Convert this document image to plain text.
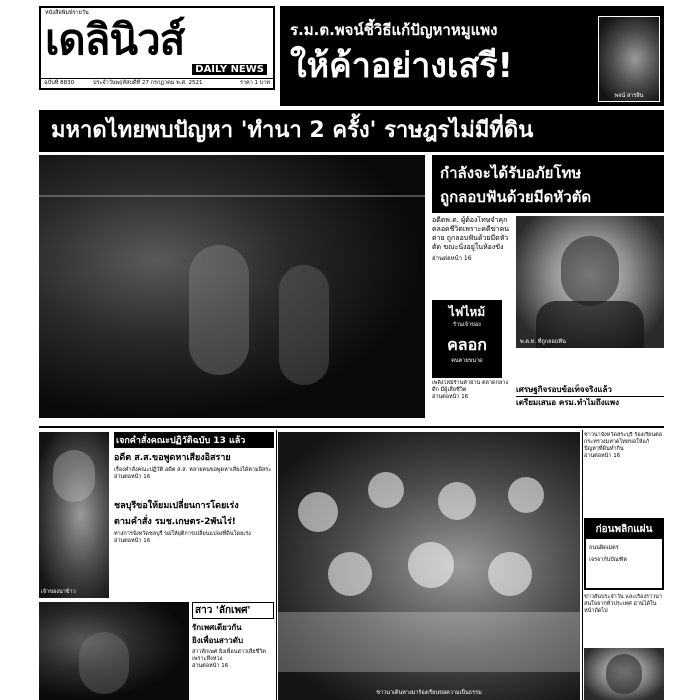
หนังสือพิมพ์รายวัน
เดลินิวส์
DAILY NEWS
ฉบับที่ 8830	ประจำวันพฤหัสบดีที่ 27 กรกฎาคม พ.ศ. 2521	ราคา 1 บาท
ร.ม.ต.พจน์ชี้วิธีแก้ปัญหาหมูแพง
ให้ค้าอย่างเสรี!
พจน์ สารสิน
มหาดไทยพบปัญหา 'ทำนา 2 ครั้ง' ราษฎรไม่มีที่ดิน
กำลังจะได้รับอภัยโทษ
ถูกลอบฟันด้วยมีดหัวตัด
อดีตพ.ต. ผู้ต้องโทษจำคุกตลอดชีวิตเพราะคดีฆ่าคนตาย ถูกลอบฟันด้วยมีดหัวตัด ขณะนั่งอยู่ในห้องขัง
อ่านต่อหน้า 16
พ.ต.ท. ที่ถูกลอบฟัน
ไฟไหม้
ร้านเจ้าของ
คลอก
คนตายขนาด
เพลิงไหม้ร้านค้าย่าน ตลาดกลางดึก มีผู้เสียชีวิต
อ่านต่อหน้า 16
เศรษฐกิจรอบข้อเท็จจริงแล้ว
เตรียมเสนอ ครม.ทำไมถึงแพง
เจ้าของนาข้าว
เจกคำสั่งคณะปฏิวัติฉบับ 13 แล้ว
อดีต ส.ส.ขอพูดหาเสียงอิสราย
เรื่องคำสั่งคณะปฏิวัติ อดีต ส.ส. หลายคนขอพูดหาเสียงได้ตามอิสระ
อ่านต่อหน้า 16
ชลบุรีขอให้ยมเปลี่ยนการโดยเร่ง
ตามคำสั่ง รมช.เกษตร-2พันไร่!
ทางการจังหวัดชลบุรี ขอให้ยุติการเปลี่ยนแปลงที่ดินโดยเร่ง
อ่านต่อหน้า 16
สาว 'ลักเพศ'
รักเพศเดียวกัน
ยิงเพื่อนสาวดับ
สาวลักเพศ ยิงเพื่อนสาวเสียชีวิต เพราะหึงหวง
อ่านต่อหน้า 16
ชาวนาเดินทางมาร้องเรียนขอความเป็นธรรม
ชาวนาจังหวัดสระบุรี ร้องเรียนต่อกระทรวงมหาดไทยขอให้แก้ปัญหาที่ดินทำกิน
อ่านต่อหน้า 16
ก่อนพลิกแผ่น
ถนนผิดเมตร
เจรจากับบัณฑิต
ข่าวสั้นประจำวัน และเรื่องราวน่าสนใจจากทั่วประเทศ อ่านได้ในหน้าถัดไป
